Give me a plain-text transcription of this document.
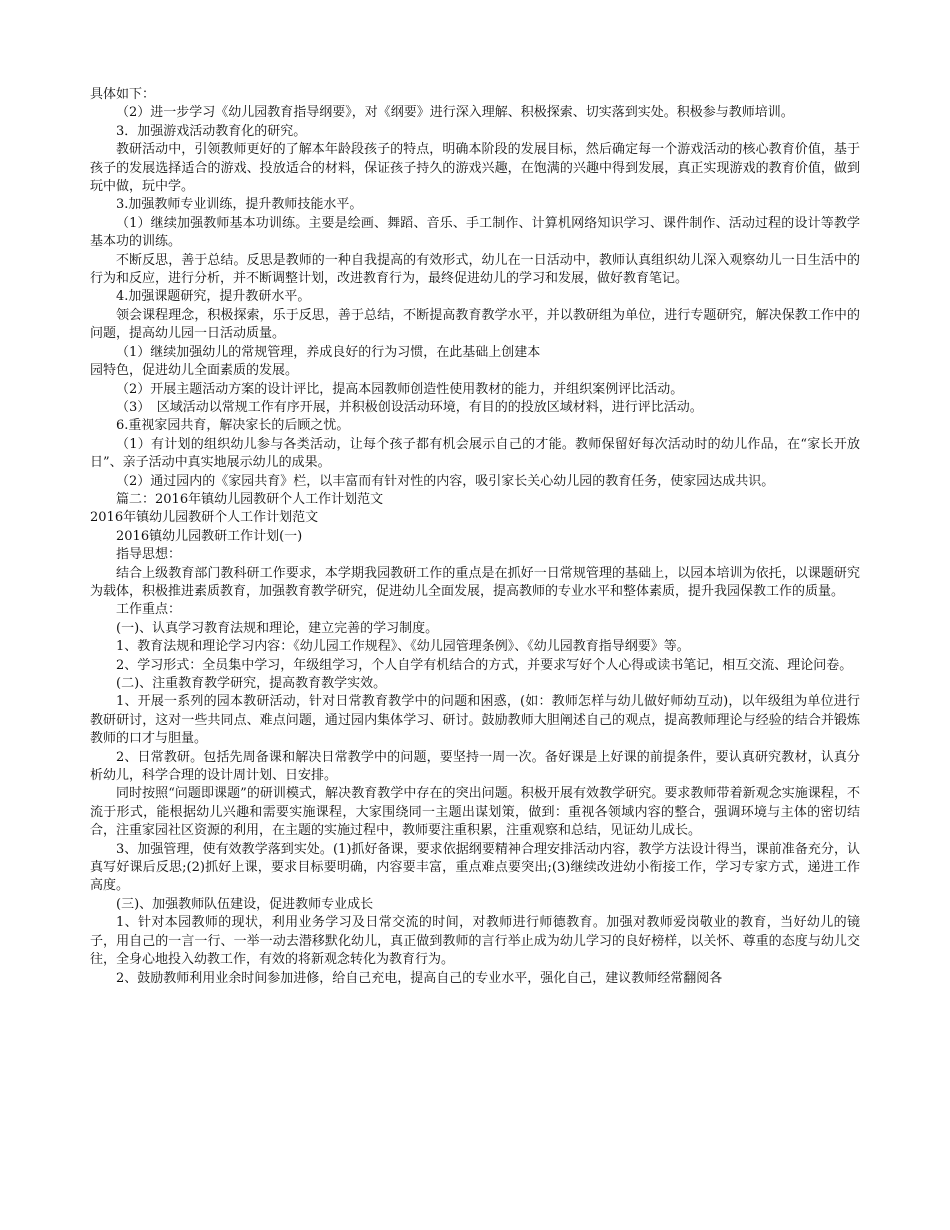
具体如下：

（2）进一步学习《幼儿园教育指导纲要》，对《纲要》进行深入理解、积极探索、切实落到实处。积极参与教师培训。

3．加强游戏活动教育化的研究。

教研活动中，引领教师更好的了解本年龄段孩子的特点，明确本阶段的发展目标，然后确定每一个游戏活动的核心教育价值，基于孩子的发展选择适合的游戏、投放适合的材料，保证孩子持久的游戏兴趣，在饱满的兴趣中得到发展，真正实现游戏的教育价值，做到玩中做，玩中学。

3.加强教师专业训练，提升教师技能水平。

（1）继续加强教师基本功训练。主要是绘画、舞蹈、音乐、手工制作、计算机网络知识学习、课件制作、活动过程的设计等教学基本功的训练。

不断反思，善于总结。反思是教师的一种自我提高的有效形式，幼儿在一日活动中，教师认真组织幼儿深入观察幼儿一日生活中的行为和反应，进行分析，并不断调整计划，改进教育行为，最终促进幼儿的学习和发展，做好教育笔记。

4.加强课题研究，提升教研水平。

领会课程理念，积极探索，乐于反思，善于总结，不断提高教育教学水平，并以教研组为单位，进行专题研究，解决保教工作中的问题，提高幼儿园一日活动质量。

（1）继续加强幼儿的常规管理，养成良好的行为习惯，在此基础上创建本

园特色，促进幼儿全面素质的发展。

（2）开展主题活动方案的设计评比，提高本园教师创造性使用教材的能力，并组织案例评比活动。

（3）　区域活动以常规工作有序开展，并积极创设活动环境，有目的的投放区域材料，进行评比活动。

6.重视家园共育，解决家长的后顾之忧。

（1）有计划的组织幼儿参与各类活动，让每个孩子都有机会展示自己的才能。教师保留好每次活动时的幼儿作品，在“家长开放日”、亲子活动中真实地展示幼儿的成果。

（2）通过园内的《家园共育》栏，以丰富而有针对性的内容，吸引家长关心幼儿园的教育任务，使家园达成共识。

篇二：2016年镇幼儿园教研个人工作计划范文

2016年镇幼儿园教研个人工作计划范文

2016镇幼儿园教研工作计划(一)

指导思想：

结合上级教育部门教科研工作要求，本学期我园教研工作的重点是在抓好一日常规管理的基础上，以园本培训为依托，以课题研究为载体，积极推进素质教育，加强教育教学研究，促进幼儿全面发展，提高教师的专业水平和整体素质，提升我园保教工作的质量。

工作重点：

(一)、认真学习教育法规和理论，建立完善的学习制度。

1、教育法规和理论学习内容：《幼儿园工作规程》、《幼儿园管理条例》、《幼儿园教育指导纲要》等。

2、学习形式：全员集中学习，年级组学习，个人自学有机结合的方式，并要求写好个人心得或读书笔记，相互交流、理论问卷。

(二)、注重教育教学研究，提高教育教学实效。

1、开展一系列的园本教研活动，针对日常教育教学中的问题和困惑，(如：教师怎样与幼儿做好师幼互动)，以年级组为单位进行教研研讨，这对一些共同点、难点问题，通过园内集体学习、研讨。鼓励教师大胆阐述自己的观点，提高教师理论与经验的结合并锻炼教师的口才与胆量。

2、日常教研。包括先周备课和解决日常教学中的问题，要坚持一周一次。备好课是上好课的前提条件，要认真研究教材，认真分析幼儿，科学合理的设计周计划、日安排。

同时按照“问题即课题”的研训模式，解决教育教学中存在的突出问题。积极开展有效教学研究。要求教师带着新观念实施课程，不流于形式，能根据幼儿兴趣和需要实施课程，大家围绕同一主题出谋划策，做到：重视各领域内容的整合，强调环境与主体的密切结合，注重家园社区资源的利用，在主题的实施过程中，教师要注重积累，注重观察和总结，见证幼儿成长。

3、加强管理，使有效教学落到实处。(1)抓好备课，要求依据纲要精神合理安排活动内容，教学方法设计得当，课前准备充分，认真写好课后反思;(2)抓好上课，要求目标要明确，内容要丰富，重点难点要突出;(3)继续改进幼小衔接工作，学习专家方式，递进工作高度。

(三)、加强教师队伍建设，促进教师专业成长

1、针对本园教师的现状，利用业务学习及日常交流的时间，对教师进行师德教育。加强对教师爱岗敬业的教育，当好幼儿的镜子，用自己的一言一行、一举一动去潜移默化幼儿，真正做到教师的言行举止成为幼儿学习的良好榜样，以关怀、尊重的态度与幼儿交往，全身心地投入幼教工作，有效的将新观念转化为教育行为。

2、鼓励教师利用业余时间参加进修，给自己充电，提高自己的专业水平，强化自己，建议教师经常翻阅各
